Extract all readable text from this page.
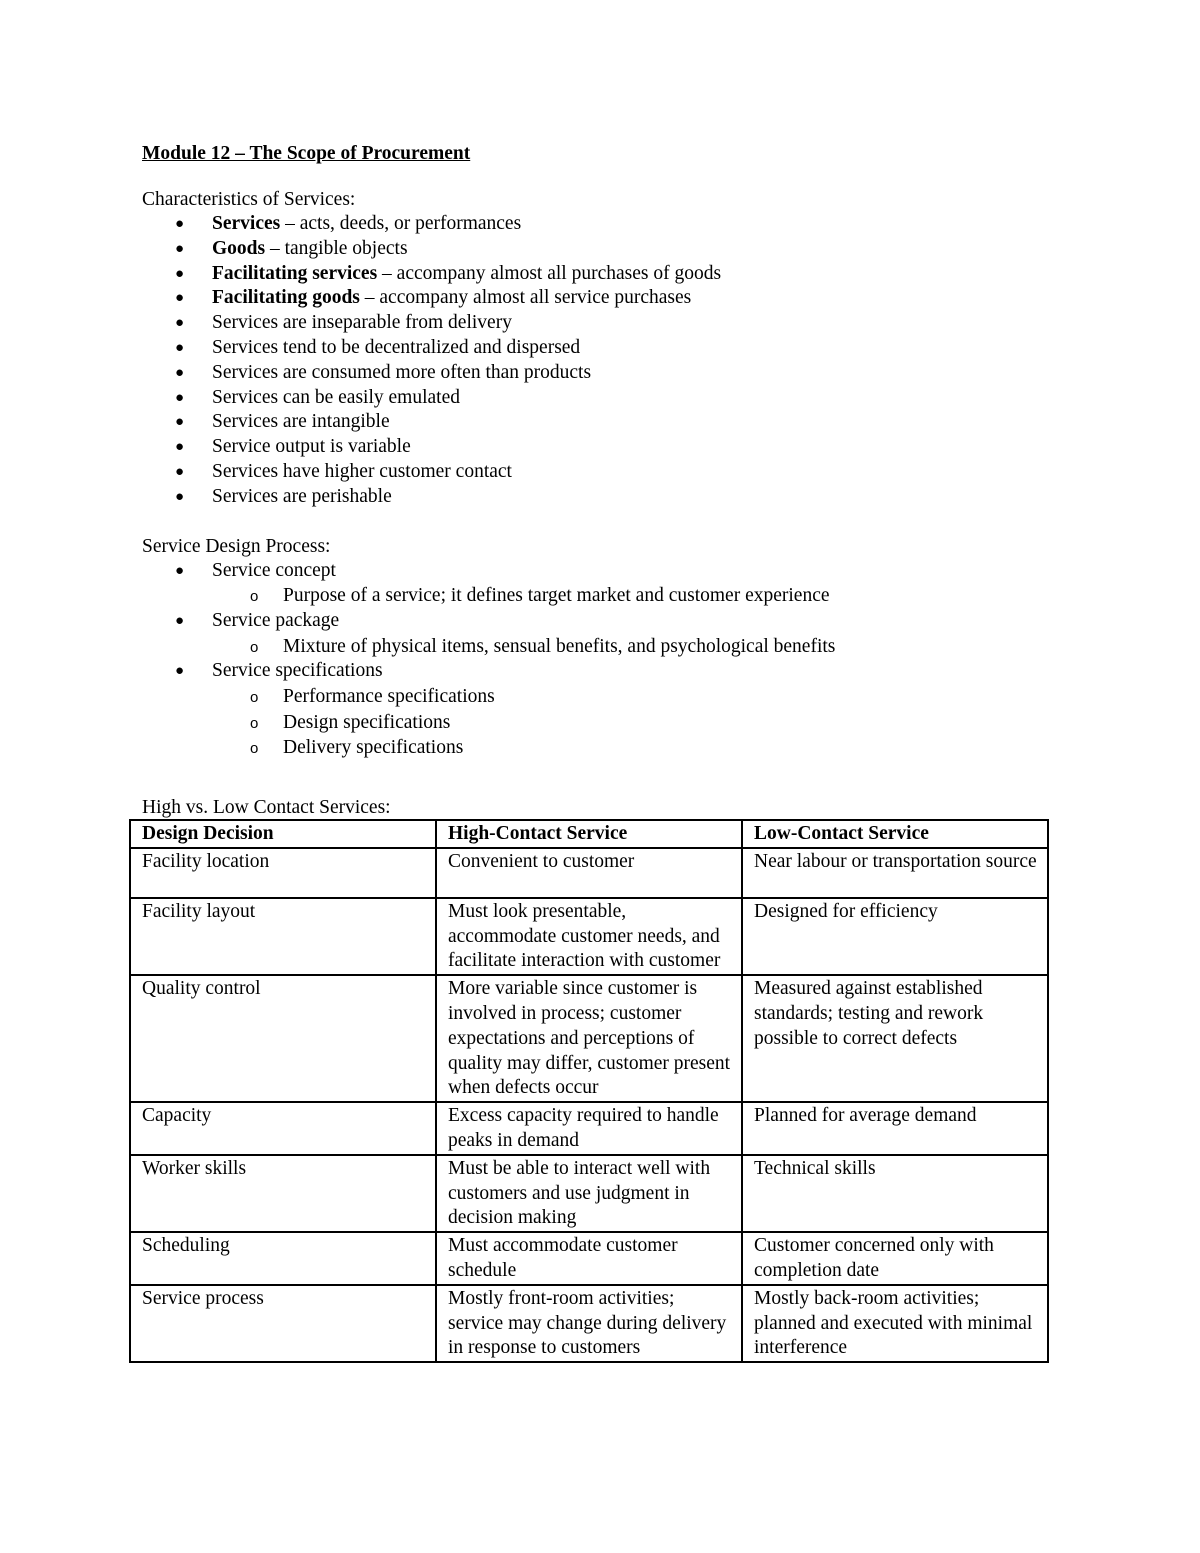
Module 12 – The Scope of Procurement

Characteristics of Services:

● Services – acts, deeds, or performances
● Goods – tangible objects
● Facilitating services – accompany almost all purchases of goods
● Facilitating goods – accompany almost all service purchases
● Services are inseparable from delivery
● Services tend to be decentralized and dispersed
● Services are consumed more often than products
● Services can be easily emulated
● Services are intangible
● Service output is variable
● Services have higher customer contact
● Services are perishable

Service Design Process:

● Service concept
o Purpose of a service; it defines target market and customer experience
● Service package
o Mixture of physical items, sensual benefits, and psychological benefits
● Service specifications
o Performance specifications
o Design specifications
o Delivery specifications

High vs. Low Contact Services:

Design Decision	High-Contact Service	Low-Contact Service
Facility location	Convenient to customer	Near labour or transportation source
Facility layout	Must look presentable, accommodate customer needs, and facilitate interaction with customer	Designed for efficiency
Quality control	More variable since customer is involved in process; customer expectations and perceptions of quality may differ, customer present when defects occur	Measured against established standards; testing and rework possible to correct defects
Capacity	Excess capacity required to handle peaks in demand	Planned for average demand
Worker skills	Must be able to interact well with customers and use judgment in decision making	Technical skills
Scheduling	Must accommodate customer schedule	Customer concerned only with completion date
Service process	Mostly front-room activities; service may change during delivery in response to customers	Mostly back-room activities; planned and executed with minimal interference
